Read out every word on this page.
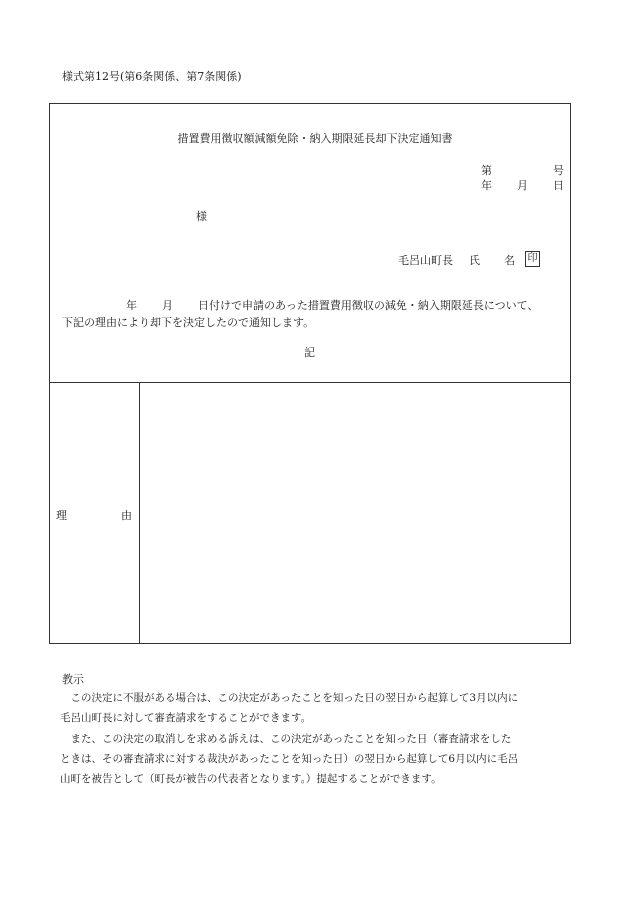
様式第12号(第6条関係、第7条関係)
措置費用徴収額減額免除・納入期限延長却下決定通知書
第	号
年 月 日
様
毛呂山町長 氏 名 印
年 月 日付けで申請のあった措置費用徴収の減免・納入期限延長について、
下記の理由により却下を決定したので通知します。
記
理	由
教示
　この決定に不服がある場合は、この決定があったことを知った日の翌日から起算して3月以内に
毛呂山町長に対して審査請求をすることができます。
　また、この決定の取消しを求める訴えは、この決定があったことを知った日（審査請求をした
ときは、その審査請求に対する裁決があったことを知った日）の翌日から起算して6月以内に毛呂
山町を被告として（町長が被告の代表者となります。）提起することができます。
